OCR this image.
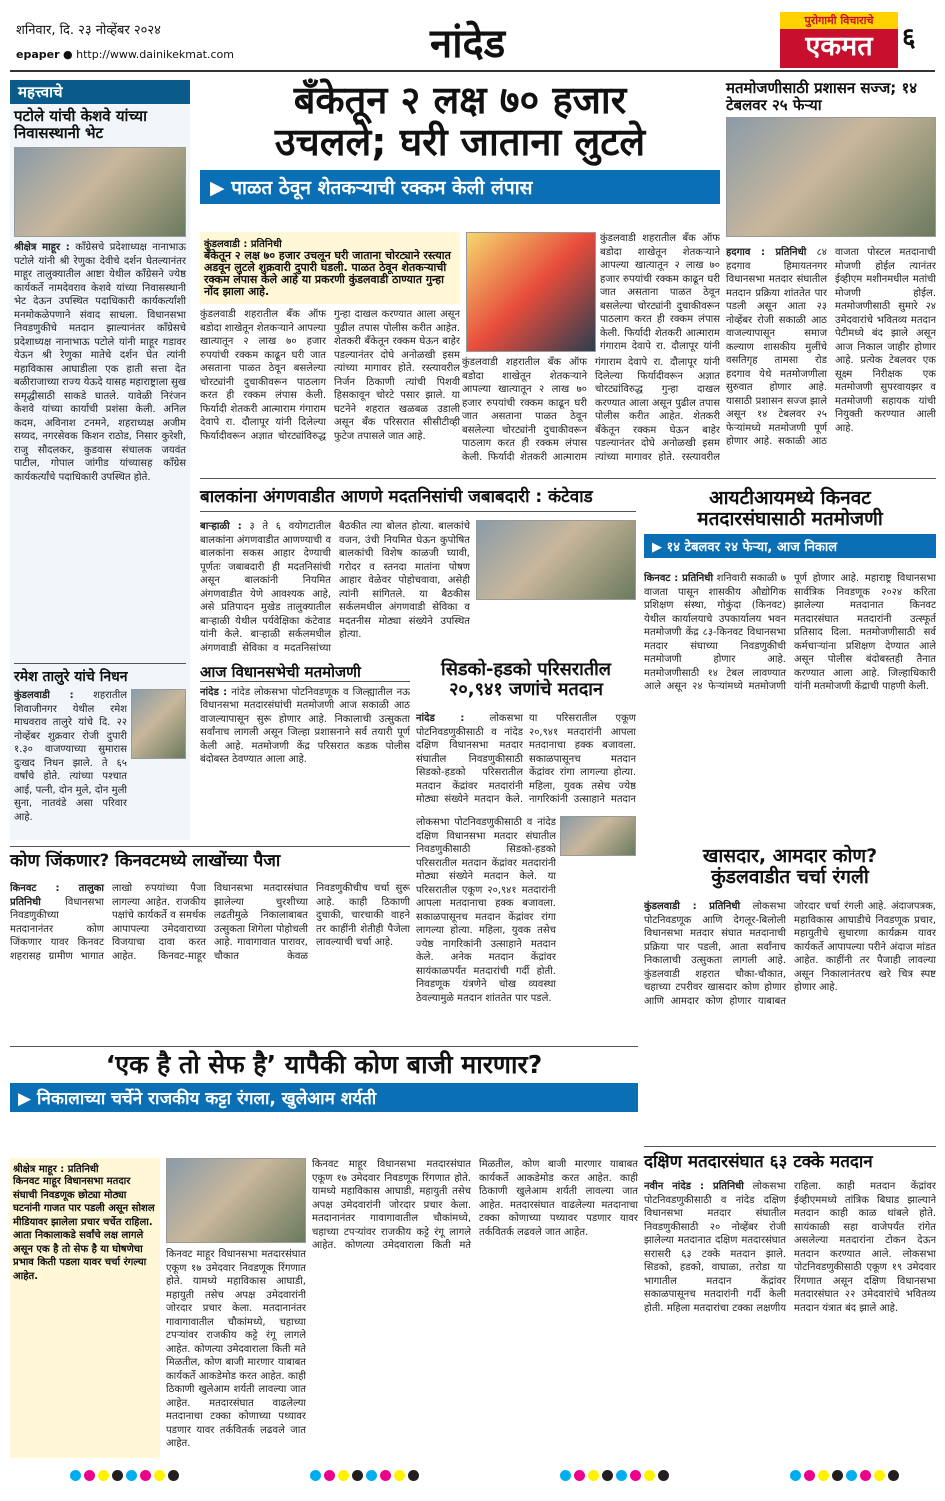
शनिवार, दि. २३ नोव्हेंबर २०२४
epaper ● http://www.dainikekmat.com	नांदेड
पुरोगामी विचाराचे
एकमत	६
महत्त्वाचे
पटोले यांची केशवे यांच्या निवासस्थानी भेट
श्रीक्षेत्र माहूर : काँग्रेसचे प्रदेशाध्यक्ष नानाभाऊ पटोले यांनी श्री रेणुका देवीचे दर्शन घेतल्यानंतर माहूर तालुक्यातील आष्टा येथील काँग्रेसने ज्येष्ठ कार्यकर्ते नामदेवराव केशवे यांच्या निवासस्थानी भेट देऊन उपस्थित पदाधिकारी कार्यकर्त्यांशी मनमोकळेपणाने संवाद साधला. विधानसभा निवडणुकीचे मतदान झाल्यानंतर काँग्रेसचे प्रदेशाध्यक्ष नानाभाऊ पटोले यांनी माहूर गडावर येऊन श्री रेणुका मातेचे दर्शन घेत त्यांनी महाविकास आघाडीला एक हाती सत्ता देत बळीराजाच्या राज्य येऊदे यासह महाराष्ट्राला सुख समृद्धीसाठी साकडे घातले. यावेळी निरंजन केशवे यांच्या कार्याची प्रशंसा केली. अनिल कदम, अविनाश टनमने, शहराध्यक्ष अजीम सय्यद, नगरसेवक किशन राठोड, निसार कुरेशी, राजु सौदलकर, कुडवास संचालक जयवंत पाटील, गोपाल जांगीड यांच्यासह काँग्रेस कार्यकर्त्यांचे पदाधिकारी उपस्थित होते.
रमेश तालुरे यांचे निधन
कुंडलवाडी : शहरातील शिवाजीनगर येथील रमेश माधवराव तालुरे यांचे दि. २२ नोव्हेंबर शुक्रवार रोजी दुपारी १.३० वाजण्याच्या सुमारास दुःखद निधन झाले. ते ६५ वर्षांचे होते. त्यांच्या पश्चात आई, पत्नी, दोन मुले, दोन मुली सुना, नातवंडे असा परिवार आहे.
बँकेतून २ लक्ष ७० हजार
उचलले; घरी जाताना लुटले
▶ पाळत ठेवून शेतकऱ्याची रक्कम केली लंपास
कुंडलवाडी : प्रतिनिधी
बँकेतून २ लक्ष ७० हजार उचलून घरी जाताना चोरट्याने रस्त्यात अडवून लुटले शुक्रवारी दुपारी घडली. पाळत ठेवून शेतकऱ्याची रक्कम लंपास केले आहे या प्रकरणी कुंडलवाडी ठाण्यात गुन्हा नोंद झाला आहे.
कुंडलवाडी शहरातील बँक ऑफ बडोदा शाखेतून शेतकऱ्याने आपल्या खात्यातून २ लाख ७० हजार रुपयांची रक्कम काढून घरी जात असताना पाळत ठेवून बसलेल्या चोरट्यांनी दुचाकीवरून पाठलाग करत ही रक्कम लंपास केली. फिर्यादी शेतकरी आत्माराम गंगाराम देवापे रा. दौलापूर यांनी दिलेल्या फिर्यादीवरून अज्ञात चोरट्यांविरुद्ध गुन्हा दाखल करण्यात आला असून पुढील तपास पोलीस करीत आहेत. शेतकरी बँकेतून रक्कम घेऊन बाहेर पडल्यानंतर दोघे अनोळखी इसम त्यांच्या मागावर होते. रस्त्यावरील निर्जन ठिकाणी त्यांची पिशवी हिसकावून चोरटे पसार झाले. या घटनेने शहरात खळबळ उडाली असून बँक परिसरात सीसीटीव्ही फुटेज तपासले जात आहे.
कुंडलवाडी शहरातील बँक ऑफ बडोदा शाखेतून शेतकऱ्याने आपल्या खात्यातून २ लाख ७० हजार रुपयांची रक्कम काढून घरी जात असताना पाळत ठेवून बसलेल्या चोरट्यांनी दुचाकीवरून पाठलाग करत ही रक्कम लंपास केली. फिर्यादी शेतकरी आत्माराम गंगाराम देवापे रा. दौलापूर यांनी दिलेल्या फिर्यादीवरून अज्ञात चोरट्यांविरुद्ध गुन्हा दाखल करण्यात आला असून पुढील तपास पोलीस करीत आहेत. शेतकरी बँकेतून रक्कम घेऊन बाहेर पडल्यानंतर दोघे अनोळखी इसम त्यांच्या मागावर होते. रस्त्यावरील
कुंडलवाडी शहरातील बँक ऑफ बडोदा शाखेतून शेतकऱ्याने आपल्या खात्यातून २ लाख ७० हजार रुपयांची रक्कम काढून घरी जात असताना पाळत ठेवून बसलेल्या चोरट्यांनी दुचाकीवरून पाठलाग करत ही रक्कम लंपास केली. फिर्यादी शेतकरी आत्माराम गंगाराम देवापे रा. दौलापूर यांनी
मतमोजणीसाठी प्रशासन सज्ज; १४ टेबलवर २५ फेऱ्या
हदगाव : प्रतिनिधी ८४ हदगाव हिमायतनगर विधानसभा मतदार संघातील मतदान प्रक्रिया शांततेत पार पडली असून आता २३ नोव्हेंबर रोजी सकाळी आठ वाजल्यापासून समाज कल्याण शासकीय मुलींचे वसतिगृह तामसा रोड हदगाव येथे मतमोजणीला सुरुवात होणार आहे. यासाठी प्रशासन सज्ज झाले असून १४ टेबलवर २५ फेऱ्यांमध्ये मतमोजणी पूर्ण होणार आहे. सकाळी आठ वाजता पोस्टल मतदानाची मोजणी होईल त्यानंतर ईव्हीएम मशीनमधील मतांची मोजणी होईल. मतमोजणीसाठी सुमारे २४ उमेदवारांचे भवितव्य मतदान पेटीमध्ये बंद झाले असून आज निकाल जाहीर होणार आहे. प्रत्येक टेबलवर एक सूक्ष्म निरीक्षक एक मतमोजणी सुपरवायझर व मतमोजणी सहायक यांची नियुक्ती करण्यात आली आहे.
बालकांना अंगणवाडीत आणणे मदतनिसांची जबाबदारी : कंटेवाड
बाऱ्हाळी : ३ ते ६ वयोगटातील बालकांना अंगणवाडीत आणण्याची व बालकांना सकस आहार देण्याची पूर्णतः जबाबदारी ही मदतनिसांची असून बालकांनी नियमित अंगणवाडीत येणे आवश्यक आहे, असे प्रतिपादन मुखेड तालुक्यातील बाऱ्हाळी येथील पर्यवेक्षिका कंटेवाड यांनी केले. बाऱ्हाळी सर्कलमधील अंगणवाडी सेविका व मदतनिसांच्या बैठकीत त्या बोलत होत्या. बालकांचे वजन, उंची नियमित घेऊन कुपोषित बालकांची विशेष काळजी घ्यावी, गरोदर व स्तनदा मातांना पोषण आहार वेळेवर पोहोचवावा, असेही त्यांनी सांगितले. या बैठकीस सर्कलमधील अंगणवाडी सेविका व मदतनीस मोठ्या संख्येने उपस्थित होत्या.
आज विधानसभेची मतमोजणी
नांदेड : नांदेड लोकसभा पोटनिवडणूक व जिल्ह्यातील नऊ विधानसभा मतदारसंघांची मतमोजणी आज सकाळी आठ वाजल्यापासून सुरू होणार आहे. निकालाची उत्सुकता सर्वांनाच लागली असून जिल्हा प्रशासनाने सर्व तयारी पूर्ण केली आहे. मतमोजणी केंद्र परिसरात कडक पोलीस बंदोबस्त ठेवण्यात आला आहे.
सिडको-हडको परिसरातील
२०,९४१ जणांचे मतदान
नांदेड :	लोकसभा पोटनिवडणुकीसाठी व नांदेड दक्षिण विधानसभा मतदार संघातील निवडणुकीसाठी सिडको-हडको परिसरातील मतदान केंद्रांवर मतदारांनी मोठ्या संख्येने मतदान केले. या परिसरातील एकूण २०,९४१ मतदारांनी आपला मतदानाचा हक्क बजावला. सकाळपासूनच मतदान केंद्रांवर रांगा लागल्या होत्या. महिला, युवक तसेच ज्येष्ठ नागरिकांनी उत्साहाने मतदान
लोकसभा पोटनिवडणुकीसाठी व नांदेड दक्षिण विधानसभा मतदार संघातील निवडणुकीसाठी सिडको-हडको परिसरातील मतदान केंद्रांवर मतदारांनी मोठ्या संख्येने मतदान केले. या परिसरातील एकूण २०,९४१ मतदारांनी आपला मतदानाचा हक्क बजावला. सकाळपासूनच मतदान केंद्रांवर रांगा लागल्या होत्या. महिला, युवक तसेच ज्येष्ठ नागरिकांनी उत्साहाने मतदान केले. अनेक मतदान केंद्रांवर सायंकाळपर्यंत मतदारांची गर्दी होती. निवडणूक यंत्रणेने चोख व्यवस्था ठेवल्यामुळे मतदान शांततेत पार पडले.
आयटीआयमध्ये किनवट
मतदारसंघासाठी मतमोजणी
▶ १४ टेबलवर २४ फेऱ्या, आज निकाल
किनवट : प्रतिनिधी शनिवारी सकाळी ७ वाजता पासून शासकीय औद्योगिक प्रशिक्षण संस्था, गोकुंदा (किनवट) येथील कार्यालयाचे उपकार्यालय भवन मतमोजणी केंद्र ८३-किनवट विधानसभा मतदार संघाच्या निवडणुकीची मतमोजणी होणार आहे. मतमोजणीसाठी १४ टेबल लावण्यात आले असून २४ फेऱ्यांमध्ये मतमोजणी पूर्ण होणार आहे. महाराष्ट्र विधानसभा सार्वत्रिक निवडणूक २०२४ करिता झालेल्या मतदानात किनवट मतदारसंघात मतदारांनी उत्स्फूर्त प्रतिसाद दिला. मतमोजणीसाठी सर्व कर्मचाऱ्यांना प्रशिक्षण देण्यात आले असून पोलीस बंदोबस्तही तैनात करण्यात आला आहे. जिल्हाधिकारी यांनी मतमोजणी केंद्राची पाहणी केली.
कोण जिंकणार? किनवटमध्ये लाखोंच्या पैजा
किनवट : तालुका प्रतिनिधी विधानसभा निवडणुकीच्या मतदानानंतर कोण जिंकणार यावर किनवट शहरासह ग्रामीण भागात लाखो रुपयांच्या पैजा लागल्या आहेत. राजकीय पक्षांचे कार्यकर्ते व समर्थक आपापल्या उमेदवाराच्या विजयाचा दावा करत आहेत. किनवट-माहूर विधानसभा मतदारसंघात झालेल्या चुरशीच्या लढतीमुळे निकालाबाबत उत्सुकता शिगेला पोहोचली आहे. गावागावात पारावर, चौकात केवळ निवडणुकीचीच चर्चा सुरू आहे. काही ठिकाणी दुचाकी, चारचाकी वाहने तर काहींनी शेतीही पैजेला लावल्याची चर्चा आहे.
खासदार, आमदार कोण?
कुंडलवाडीत चर्चा रंगली
कुंडलवाडी : प्रतिनिधी लोकसभा पोटनिवडणूक आणि देगलूर-बिलोली विधानसभा मतदार संघात मतदानाची प्रक्रिया पार पडली, आता सर्वांनाच निकालाची उत्सुकता लागली आहे. कुंडलवाडी शहरात चौका-चौकात, चहाच्या टपरीवर खासदार कोण होणार आणि आमदार कोण होणार याबाबत जोरदार चर्चा रंगली आहे. अंदाजपत्रक, महाविकास आघाडीचे निवडणूक प्रचार, महायुतीचे सुधारणा कार्यक्रम यावर कार्यकर्ते आपापल्या परीने अंदाज मांडत आहेत. काहींनी तर पैजाही लावल्या असून निकालानंतरच खरे चित्र स्पष्ट होणार आहे.
‘एक है तो सेफ है’ यापैकी कोण बाजी मारणार?
▶ निकालाच्या चर्चेने राजकीय कट्टा रंगला, खुलेआम शर्यती
श्रीक्षेत्र माहूर : प्रतिनिधी
किनवट माहूर विधानसभा मतदार संघाची निवडणूक छोट्या मोठ्या घटनांनी गाजत पार पडली असून सोशल मीडियावर झालेला प्रचार चर्चेत राहिला. आता निकालाकडे सर्वांचे लक्ष लागले असून एक है तो सेफ है या घोषणेचा प्रभाव किती पडला यावर चर्चा रंगल्या आहेत.
किनवट माहूर विधानसभा मतदारसंघात एकूण १७ उमेदवार निवडणूक रिंगणात होते. यामध्ये महाविकास आघाडी, महायुती तसेच अपक्ष उमेदवारांनी जोरदार प्रचार केला. मतदानानंतर गावागावातील चौकांमध्ये, चहाच्या टपऱ्यांवर राजकीय कट्टे रंगू लागले आहेत. कोणत्या उमेदवाराला किती मते मिळतील, कोण बाजी मारणार याबाबत कार्यकर्ते आकडेमोड करत आहेत. काही ठिकाणी खुलेआम शर्यती लावल्या जात आहेत. मतदारसंघात वाढलेल्या मतदानाचा टक्का कोणाच्या पथ्यावर पडणार यावर तर्कवितर्क लढवले जात आहेत.
किनवट माहूर विधानसभा मतदारसंघात एकूण १७ उमेदवार निवडणूक रिंगणात होते. यामध्ये महाविकास आघाडी, महायुती तसेच अपक्ष उमेदवारांनी जोरदार प्रचार केला. मतदानानंतर गावागावातील चौकांमध्ये, चहाच्या टपऱ्यांवर राजकीय कट्टे रंगू लागले आहेत. कोणत्या उमेदवाराला किती मते मिळतील, कोण बाजी मारणार याबाबत कार्यकर्ते आकडेमोड करत आहेत. काही ठिकाणी खुलेआम शर्यती लावल्या जात आहेत. मतदारसंघात वाढलेल्या मतदानाचा टक्का कोणाच्या पथ्यावर पडणार यावर तर्कवितर्क लढवले जात आहेत.
दक्षिण मतदारसंघात ६३ टक्के मतदान
नवीन नांदेड : प्रतिनिधी लोकसभा पोटनिवडणुकीसाठी व नांदेड दक्षिण विधानसभा मतदार संघातील निवडणुकीसाठी २० नोव्हेंबर रोजी झालेल्या मतदानात दक्षिण मतदारसंघात सरासरी ६३ टक्के मतदान झाले. सिडको, हडको, वाघाळा, तरोडा या भागातील मतदान केंद्रांवर सकाळपासूनच मतदारांनी गर्दी केली होती. महिला मतदारांचा टक्का लक्षणीय राहिला. काही मतदान केंद्रांवर ईव्हीएममध्ये तांत्रिक बिघाड झाल्याने मतदान काही काळ थांबले होते. सायंकाळी सहा वाजेपर्यंत रांगेत असलेल्या मतदारांना टोकन देऊन मतदान करण्यात आले. लोकसभा पोटनिवडणुकीसाठी एकूण १९ उमेदवार रिंगणात असून दक्षिण विधानसभा मतदारसंघात २२ उमेदवारांचे भवितव्य मतदान यंत्रात बंद झाले आहे.
